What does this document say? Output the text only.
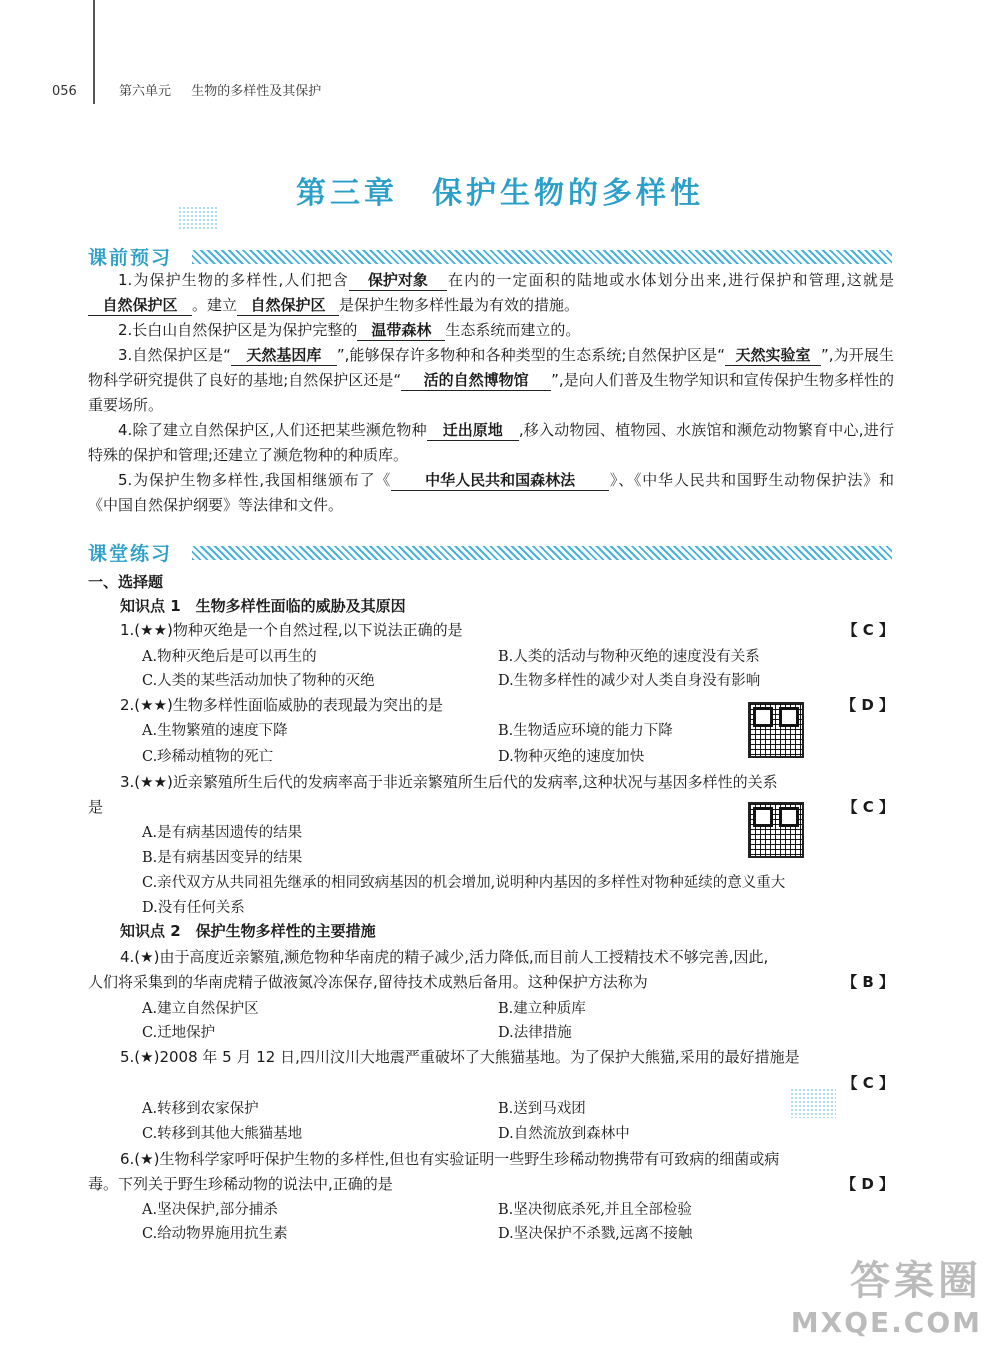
056	第六单元 生物的多样性及其保护
第三章 保护生物的多样性
课前预习

1.为保护生物的多样性,人们把含 保护对象 在内的一定面积的陆地或水体划分出来,进行保护和管理,这就是自然保护区 。建立 自然保护区 是保护生物多样性最为有效的措施。

2.长白山自然保护区是为保护完整的 温带森林 生态系统而建立的。

3.自然保护区是“ 天然基因库 ”,能够保存许多物种和各种类型的生态系统;自然保护区是“ 天然实验室 ”,为开展生物科学研究提供了良好的基地;自然保护区还是“ 活的自然博物馆 ”,是向人们普及生物学知识和宣传保护生物多样性的重要场所。

4.除了建立自然保护区,人们还把某些濒危物种 迁出原地 ,移入动物园、植物园、水族馆和濒危动物繁育中心,进行特殊的保护和管理;还建立了濒危物种的种质库。

5.为保护生物多样性,我国相继颁布了《 中华人民共和国森林法 》、《中华人民共和国野生动物保护法》和《中国自然保护纲要》等法律和文件。

课堂练习
一、选择题
知识点 1　生物多样性面临的威胁及其原因
1.(★★)物种灭绝是一个自然过程,以下说法正确的是	【 C 】
A.物种灭绝后是可以再生的	B.人类的活动与物种灭绝的速度没有关系
C.人类的某些活动加快了物种的灭绝	D.生物多样性的减少对人类自身没有影响
2.(★★)生物多样性面临威胁的表现最为突出的是	【 D 】
A.生物繁殖的速度下降	B.生物适应环境的能力下降
C.珍稀动植物的死亡	D.物种灭绝的速度加快
3.(★★)近亲繁殖所生后代的发病率高于非近亲繁殖所生后代的发病率,这种状况与基因多样性的关系
是	【 C 】
A.是有病基因遗传的结果
B.是有病基因变异的结果
C.亲代双方从共同祖先继承的相同致病基因的机会增加,说明种内基因的多样性对物种延续的意义重大
D.没有任何关系
知识点 2　保护生物多样性的主要措施
4.(★)由于高度近亲繁殖,濒危物种华南虎的精子减少,活力降低,而目前人工授精技术不够完善,因此,
人们将采集到的华南虎精子做液氮冷冻保存,留待技术成熟后备用。这种保护方法称为	【 B 】
A.建立自然保护区	B.建立种质库
C.迁地保护	D.法律措施
5.(★)2008 年 5 月 12 日,四川汶川大地震严重破坏了大熊猫基地。为了保护大熊猫,采用的最好措施是
【 C 】
A.转移到农家保护	B.送到马戏团
C.转移到其他大熊猫基地	D.自然流放到森林中
6.(★)生物科学家呼吁保护生物的多样性,但也有实验证明一些野生珍稀动物携带有可致病的细菌或病
毒。下列关于野生珍稀动物的说法中,正确的是	【 D 】
A.坚决保护,部分捕杀	B.坚决彻底杀死,并且全部检验
C.给动物界施用抗生素	D.坚决保护不杀戮,远离不接触
答案圈
MXQE.COM
